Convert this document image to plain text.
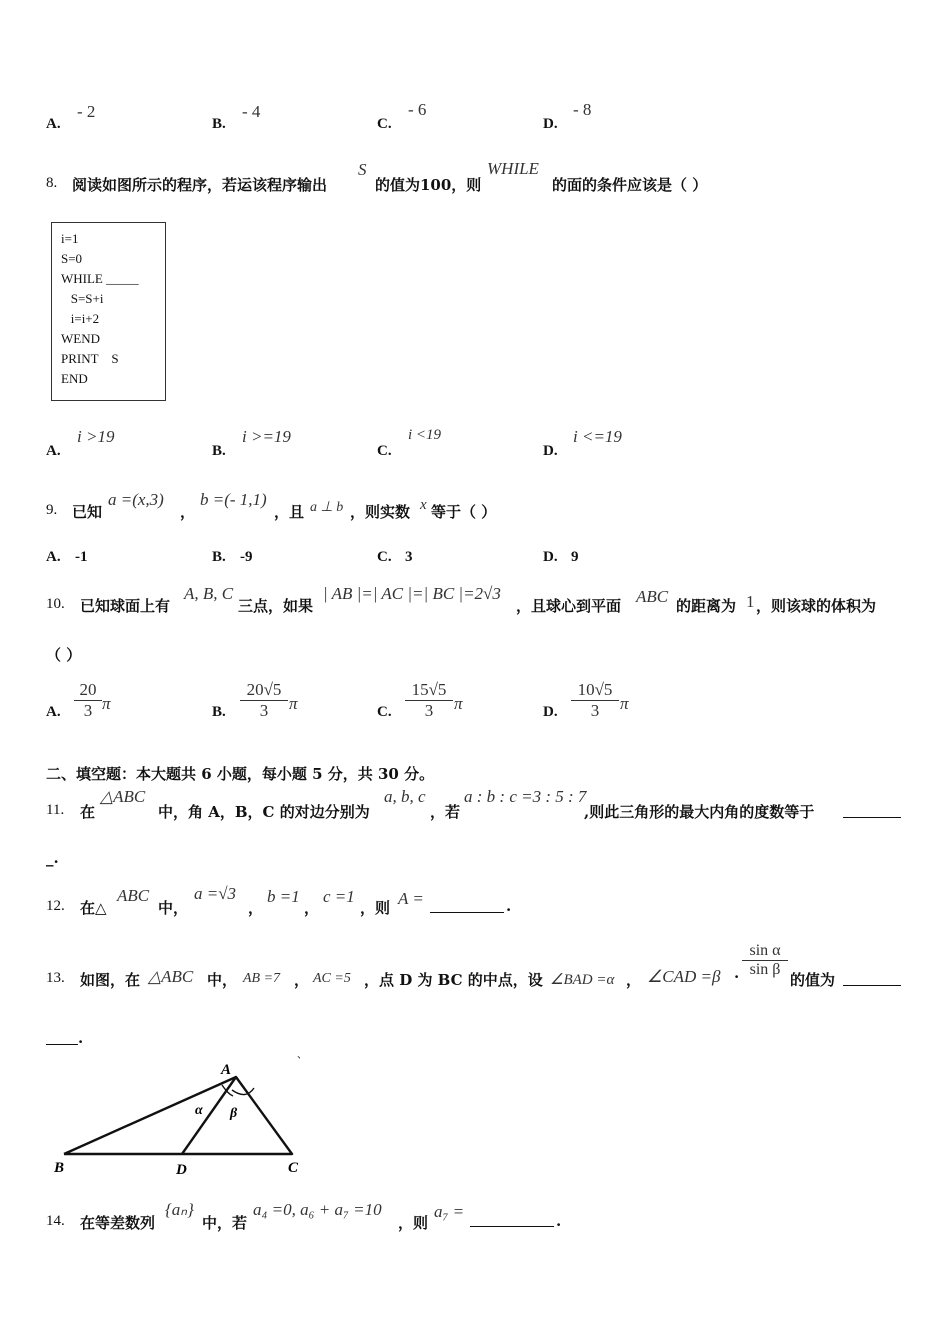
A.
- 2
B.
- 4
C.
- 6
D.
- 8
8. 阅读如图所示的程序，若运该程序输出
S
的值为100，则
WHILE
的面的条件应该是（ ）
i=1
S=0
WHILE _____
S=S+i
i=i+2
WEND
PRINT    S
END
A.
i >19
B.
i >=19
C.
i <19
D.
i <=19
9. 已知
a =(x,3)
，
b =(- 1,1)
，且 a ⊥ b ，则实数 x 等于（ ）
A. -1	B. -9	C. 3	D. 9
10. 已知球面上有
A, B, C
三点，如果
| AB |=| AC |=| BC |=2√3
，且球心到平面 ABC 的距离为 1 ，则该球的体积为
（ ）
A. $\frac{20}{3}$ π	B. $\frac{20√5}{3}$ π	C. $\frac{15√5}{3}$ π	D. $\frac{10√5}{3}$ π
二、填空题：本大题共 6 小题，每小题 5 分，共 30 分。
11. 在
△ABC
中，角 A，B，C 的对边分别为
a, b, c
，若
a : b : c =3 : 5 : 7
,则此三角形的最大内角的度数等于
_.
12. 在△
ABC
中，
a =√3
，
b =1
，
c =1
，则 A =	.
13. 如图，在 △ABC 中， AB =7 ， AC =5 ，点 D 为 BC 的中点，设 ∠BAD =α ， ∠CAD $=\beta \cdot \frac{\text{sin α}}{\text{sin β}}$
的值为
.
A
B	D	C
α β
、
14. 在等差数列
{aₙ}
中，若
a₄ =0, a₆ + a₇ =10
，则
a₇ =	.
